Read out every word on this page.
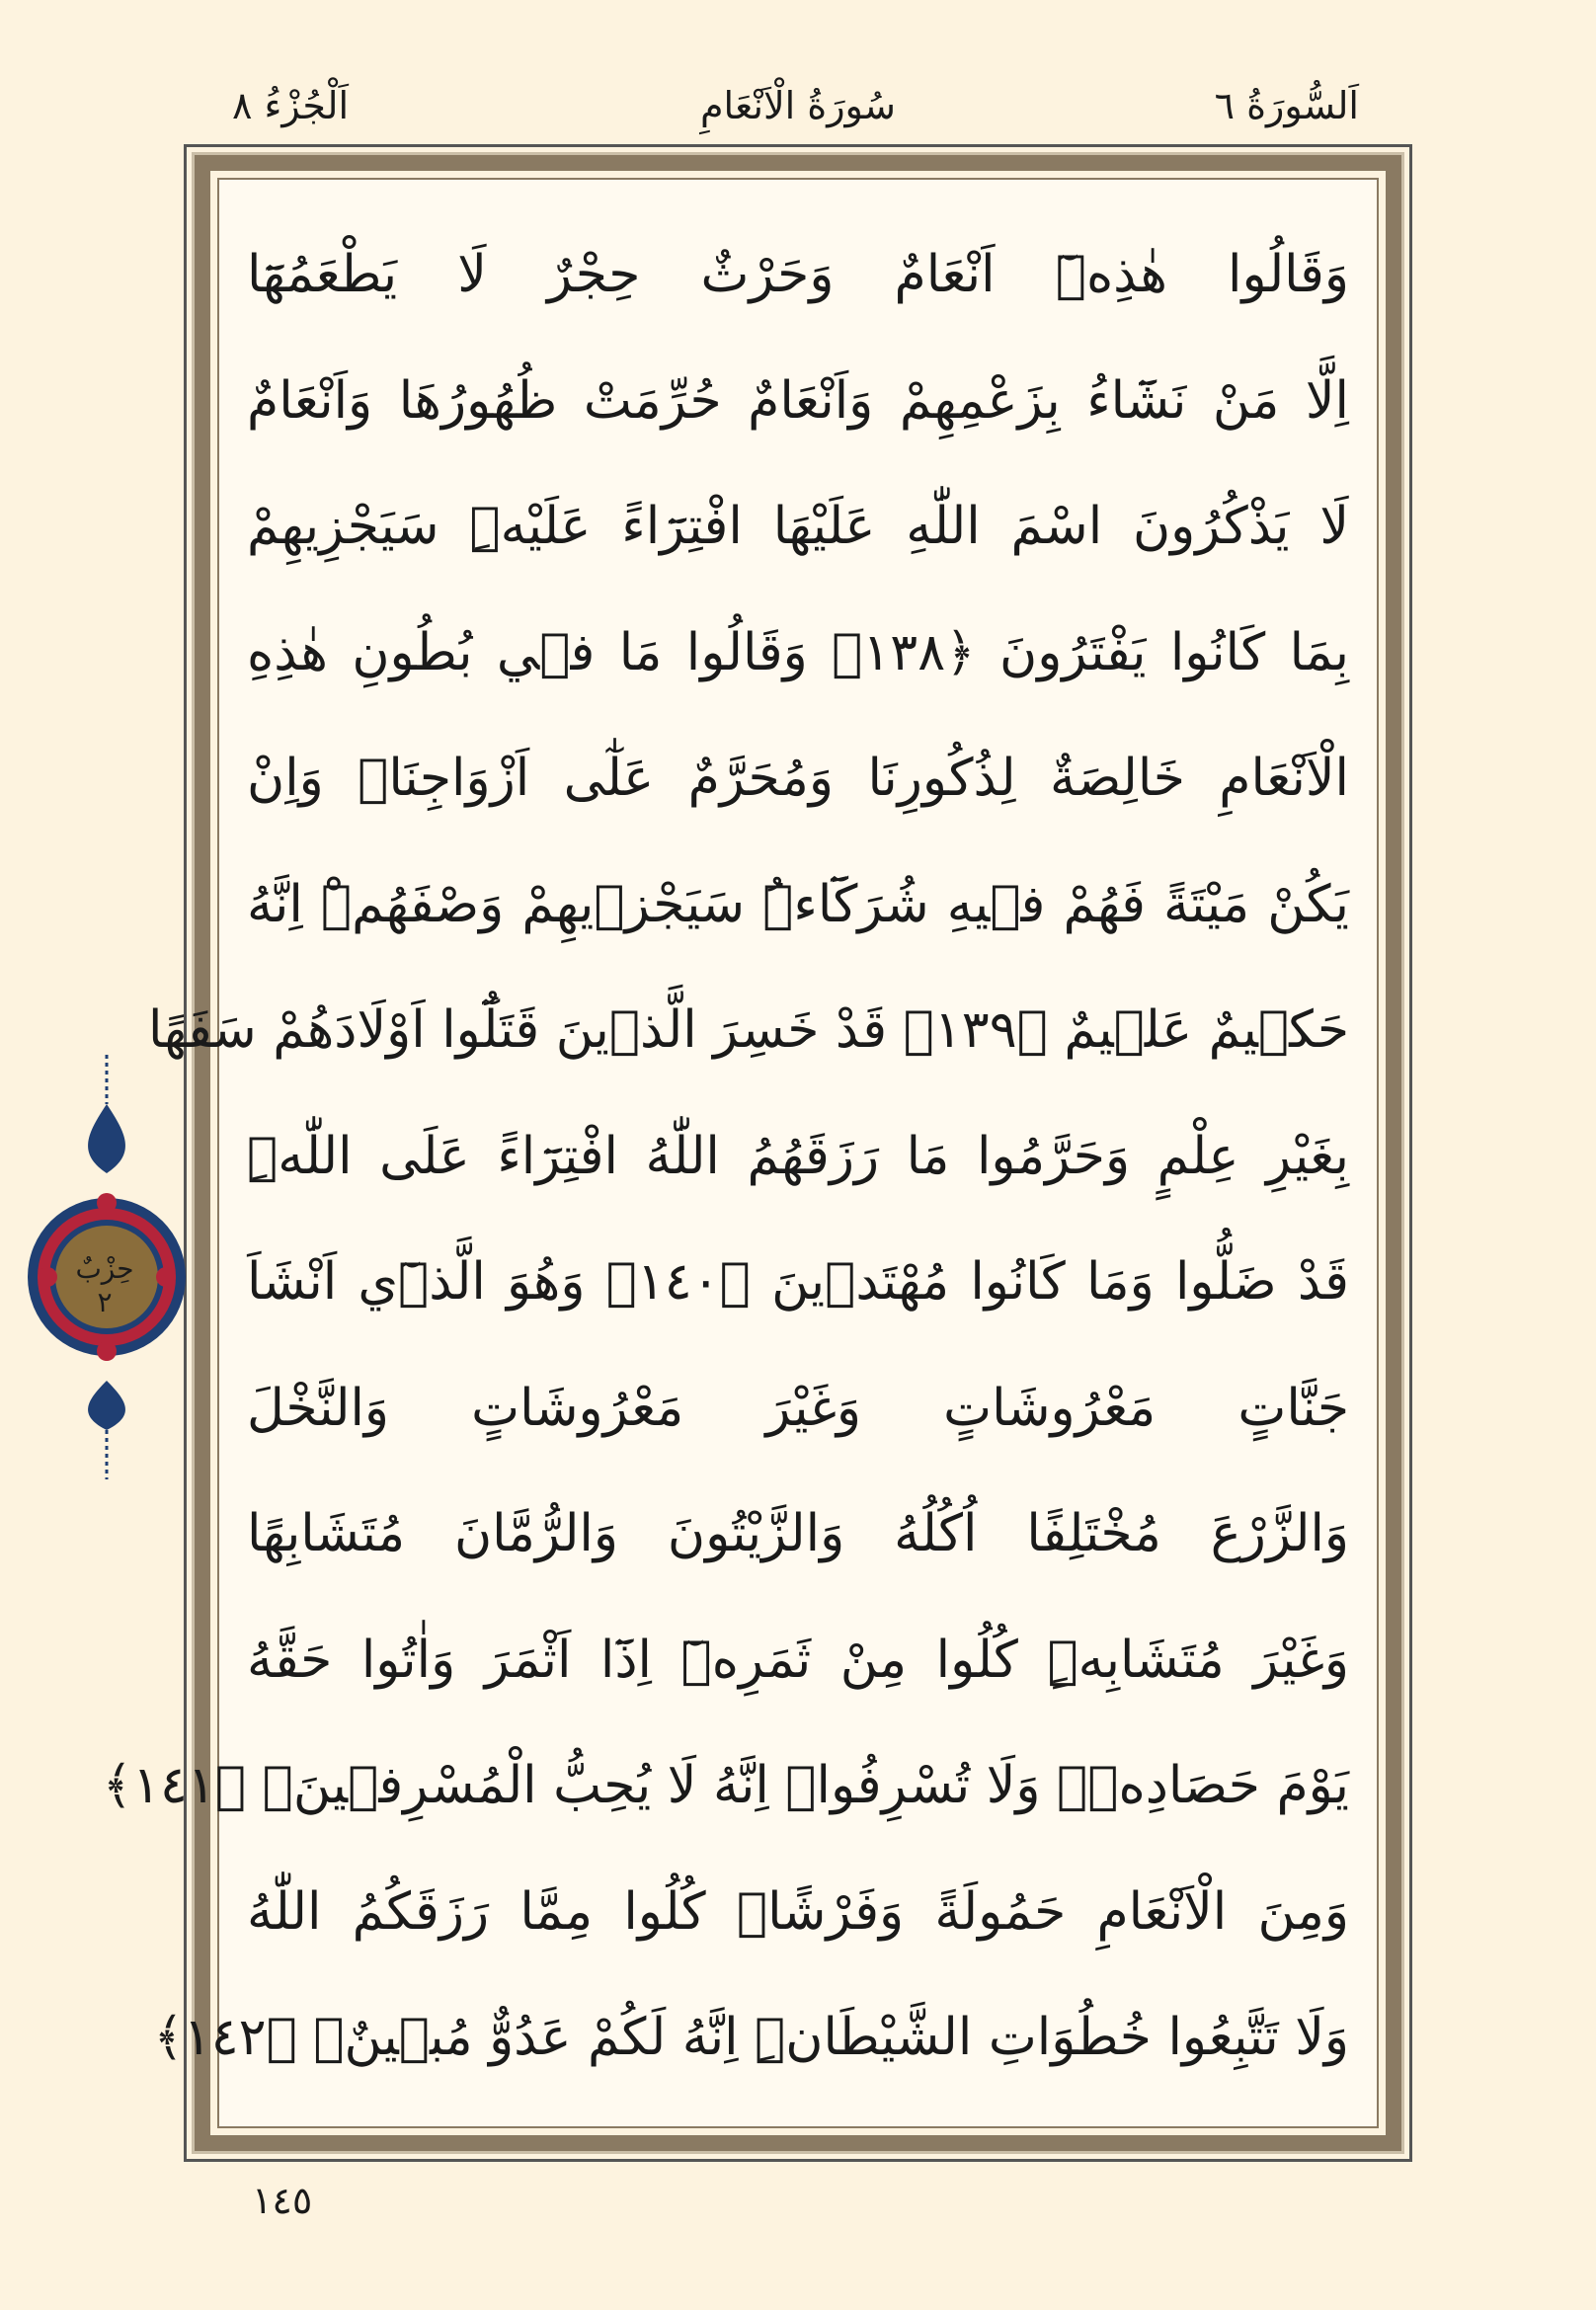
اَلْجُزْءُ ٨	سُورَةُ الْاَنْعَامِ	اَلسُّورَةُ ٦
وَقَالُوا هٰذِهٖٓ اَنْعَامٌ وَحَرْثٌ حِجْرٌ لَا يَطْعَمُهَٓا
اِلَّا مَنْ نَشَٓاءُ بِزَعْمِهِمْ وَاَنْعَامٌ حُرِّمَتْ ظُهُورُهَا وَاَنْعَامٌ
لَا يَذْكُرُونَ اسْمَ اللّٰهِ عَلَيْهَا افْتِرَٓاءً عَلَيْهِۜ سَيَجْزِيهِمْ
بِمَا كَانُوا يَفْتَرُونَ ﴿١٣٨﴾ وَقَالُوا مَا فٖي بُطُونِ هٰذِهِ
الْاَنْعَامِ خَالِصَةٌ لِذُكُورِنَا وَمُحَرَّمٌ عَلٰٓى اَزْوَاجِنَاۚ وَاِنْ
يَكُنْ مَيْتَةً فَهُمْ فٖيهِ شُرَكَٓاءُۜ سَيَجْزٖيهِمْ وَصْفَهُمْۜ اِنَّهُ
حَكٖيمٌ عَلٖيمٌ ﴿١٣٩﴾ قَدْ خَسِرَ الَّذٖينَ قَتَلُٓوا اَوْلَادَهُمْ سَفَهًا
بِغَيْرِ عِلْمٍ وَحَرَّمُوا مَا رَزَقَهُمُ اللّٰهُ افْتِرَٓاءً عَلَى اللّٰهِۜ
قَدْ ضَلُّوا وَمَا كَانُوا مُهْتَدٖينَ ﴿١٤٠﴾ وَهُوَ الَّذٖٓي اَنْشَاَ
جَنَّاتٍ مَعْرُوشَاتٍ وَغَيْرَ مَعْرُوشَاتٍ وَالنَّخْلَ
وَالزَّرْعَ مُخْتَلِفًا اُكُلُهُ وَالزَّيْتُونَ وَالرُّمَّانَ مُتَشَابِهًا
وَغَيْرَ مُتَشَابِهٍۜ كُلُوا مِنْ ثَمَرِهٖٓ اِذَٓا اَثْمَرَ وَاٰتُوا حَقَّهُ
يَوْمَ حَصَادِهٖۘ وَلَا تُسْرِفُواۜ اِنَّهُ لَا يُحِبُّ الْمُسْرِفٖينَۙ ﴿١٤١﴾
وَمِنَ الْاَنْعَامِ حَمُولَةً وَفَرْشًاۜ كُلُوا مِمَّا رَزَقَكُمُ اللّٰهُ
وَلَا تَتَّبِعُوا خُطُوَاتِ الشَّيْطَانِۜ اِنَّهُ لَكُمْ عَدُوٌّ مُبٖينٌۙ ﴿١٤٢﴾
حِزْبٌ
٢
١٤٥
